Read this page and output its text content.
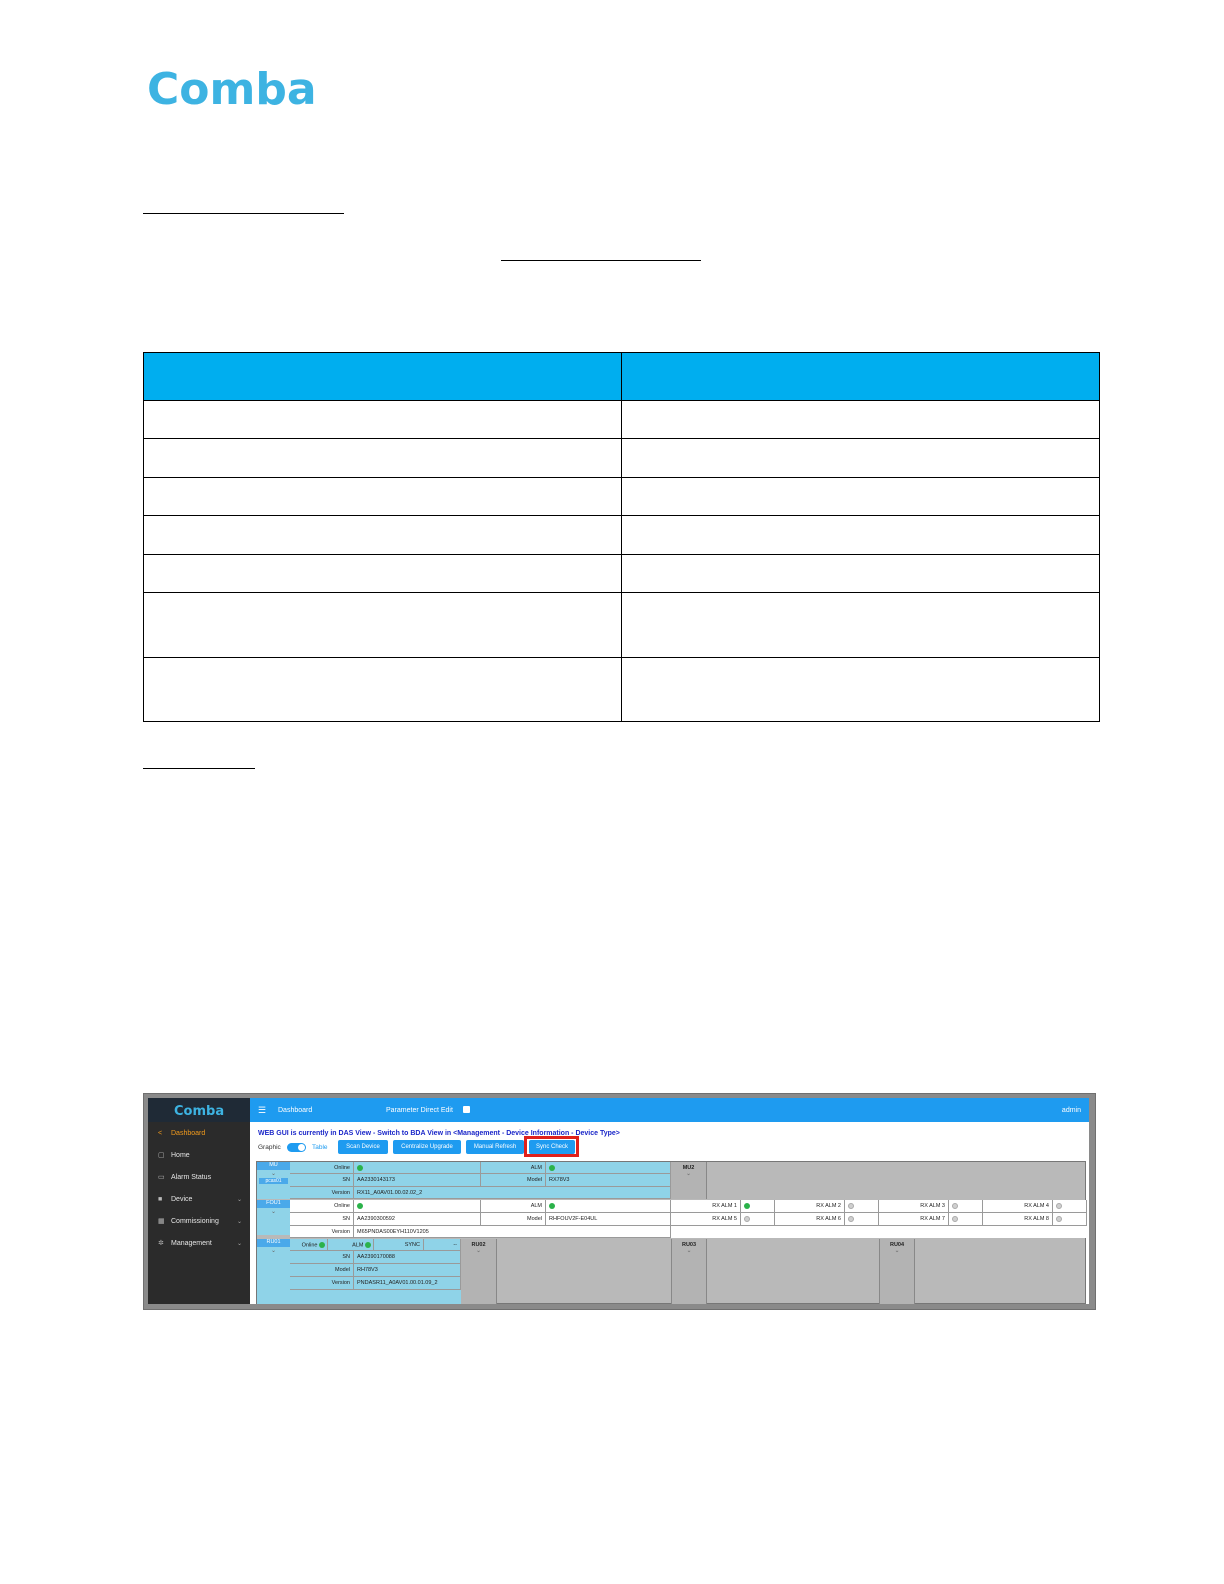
Comba

Comba
<	Dashboard
▢ Home
▭ Alarm Status
■	Device	⌄
▦ Commissioning	⌄
✲	Management	⌄
☰ Dashboard	Parameter Direct Edit	admin
WEB GUI is currently in DAS View - Switch to BDA View in <Management - Device Information - Device Type>
Graphic	Table	Scan Device	Centralize Upgrade	Manual Refresh	Sync Check
MU
⌄
pcas01
Online	ALM
SN	AA2330143173	Model	RX78V3
Version	RX11_A0AV01.00.02.02_2
MU2
⌄
FOU1
⌄
Online	ALM
SN	AA2390300592	Model	RHFOUV2F-E04UL
Version	M65PNDAS00EYH110V1205
RX ALM 1	RX ALM 2	RX ALM 3	RX ALM 4
RX ALM 5	RX ALM 6	RX ALM 7	RX ALM 8
RU01
⌄
Online	ALM	SYNC	--
SN	AA2390170088
Model	RH78V3
Version	PNDASR11_A0AV01.00.01.09_2
RU02
⌄
RU03
⌄
RU04
⌄
